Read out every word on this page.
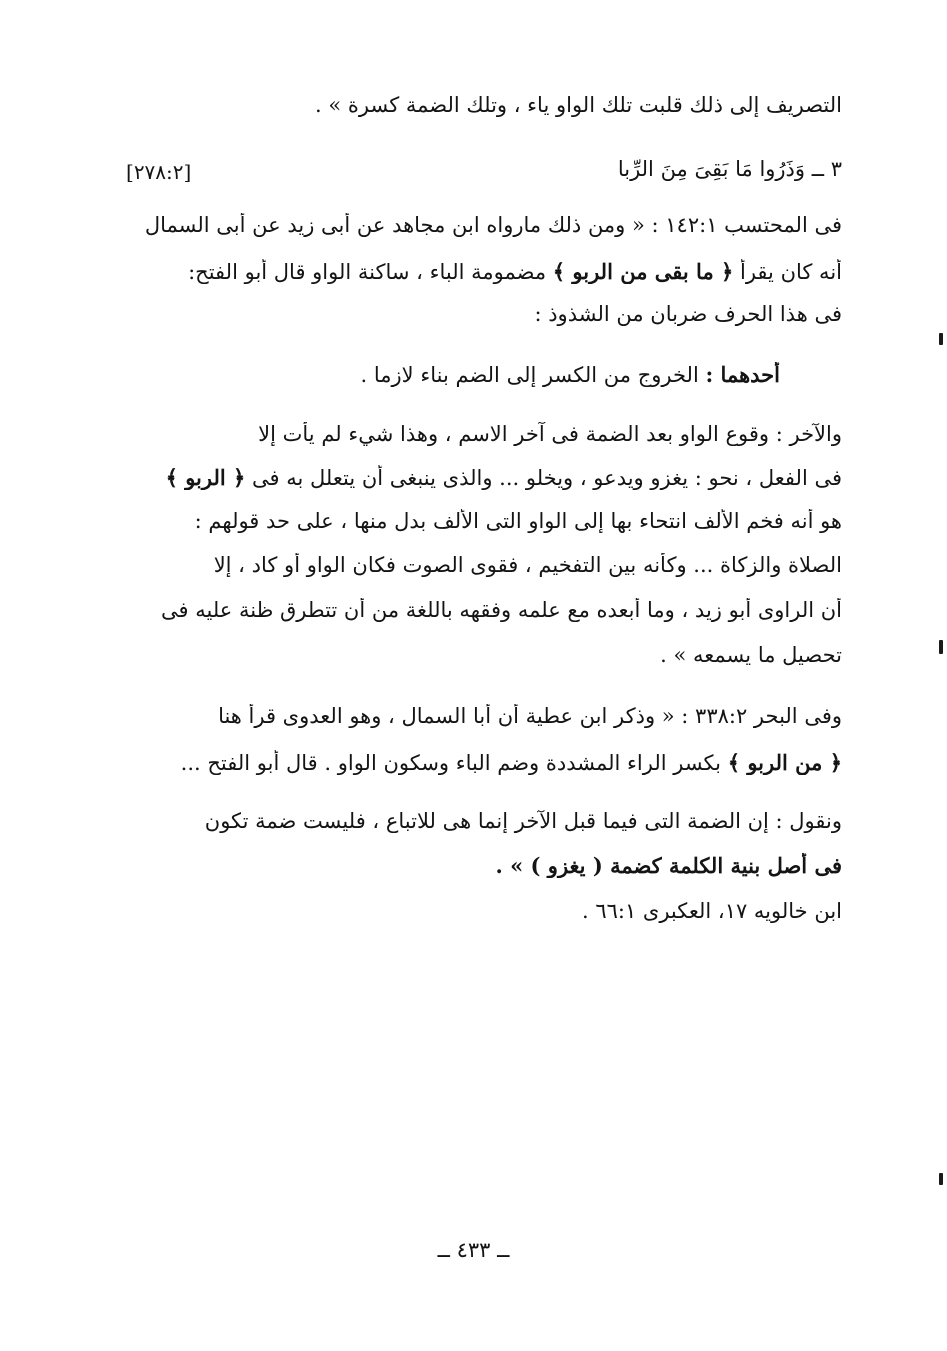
التصريف إلى ذلك قلبت تلك الواو ياء ، وتلك الضمة كسرة » .
٣ ــ وَذَرُوا مَا بَقِىَ مِنَ الرِّبا
[٢٧٨:٢]
فى المحتسب ١٤٢:١ : « ومن ذلك مارواه ابن مجاهد عن أبى زيد عن أبى السمال
أنه كان يقرأ ﴿ ما بقى من الربو ﴾ مضمومة الباء ، ساكنة الواو قال أبو الفتح:
فى هذا الحرف ضربان من الشذوذ :
أحدهما : الخروج من الكسر إلى الضم بناء لازما .
والآخر : وقوع الواو بعد الضمة فى آخر الاسم ، وهذا شيء لم يأت إلا
فى الفعل ، نحو : يغزو ويدعو ، ويخلو ... والذى ينبغى أن يتعلل به فى ﴿ الربو ﴾
هو أنه فخم الألف انتحاء بها إلى الواو التى الألف بدل منها ، على حد قولهم :
الصلاة والزكاة ... وكأنه بين التفخيم ، فقوى الصوت فكان الواو أو كاد ، إلا
أن الراوى أبو زيد ، وما أبعده مع علمه وفقهه باللغة من أن تتطرق ظنة عليه فى
تحصيل ما يسمعه » .
وفى البحر ٣٣٨:٢ : « وذكر ابن عطية أن أبا السمال ، وهو العدوى قرأ هنا
﴿ من الربو ﴾ بكسر الراء المشددة وضم الباء وسكون الواو . قال أبو الفتح ...
ونقول : إن الضمة التى فيما قبل الآخر إنما هى للاتباع ، فليست ضمة تكون
فى أصل بنية الكلمة كضمة ( يغزو ) » .
ابن خالويه ١٧، العكبرى ٦٦:١ .
ــ ٤٣٣ ــ
